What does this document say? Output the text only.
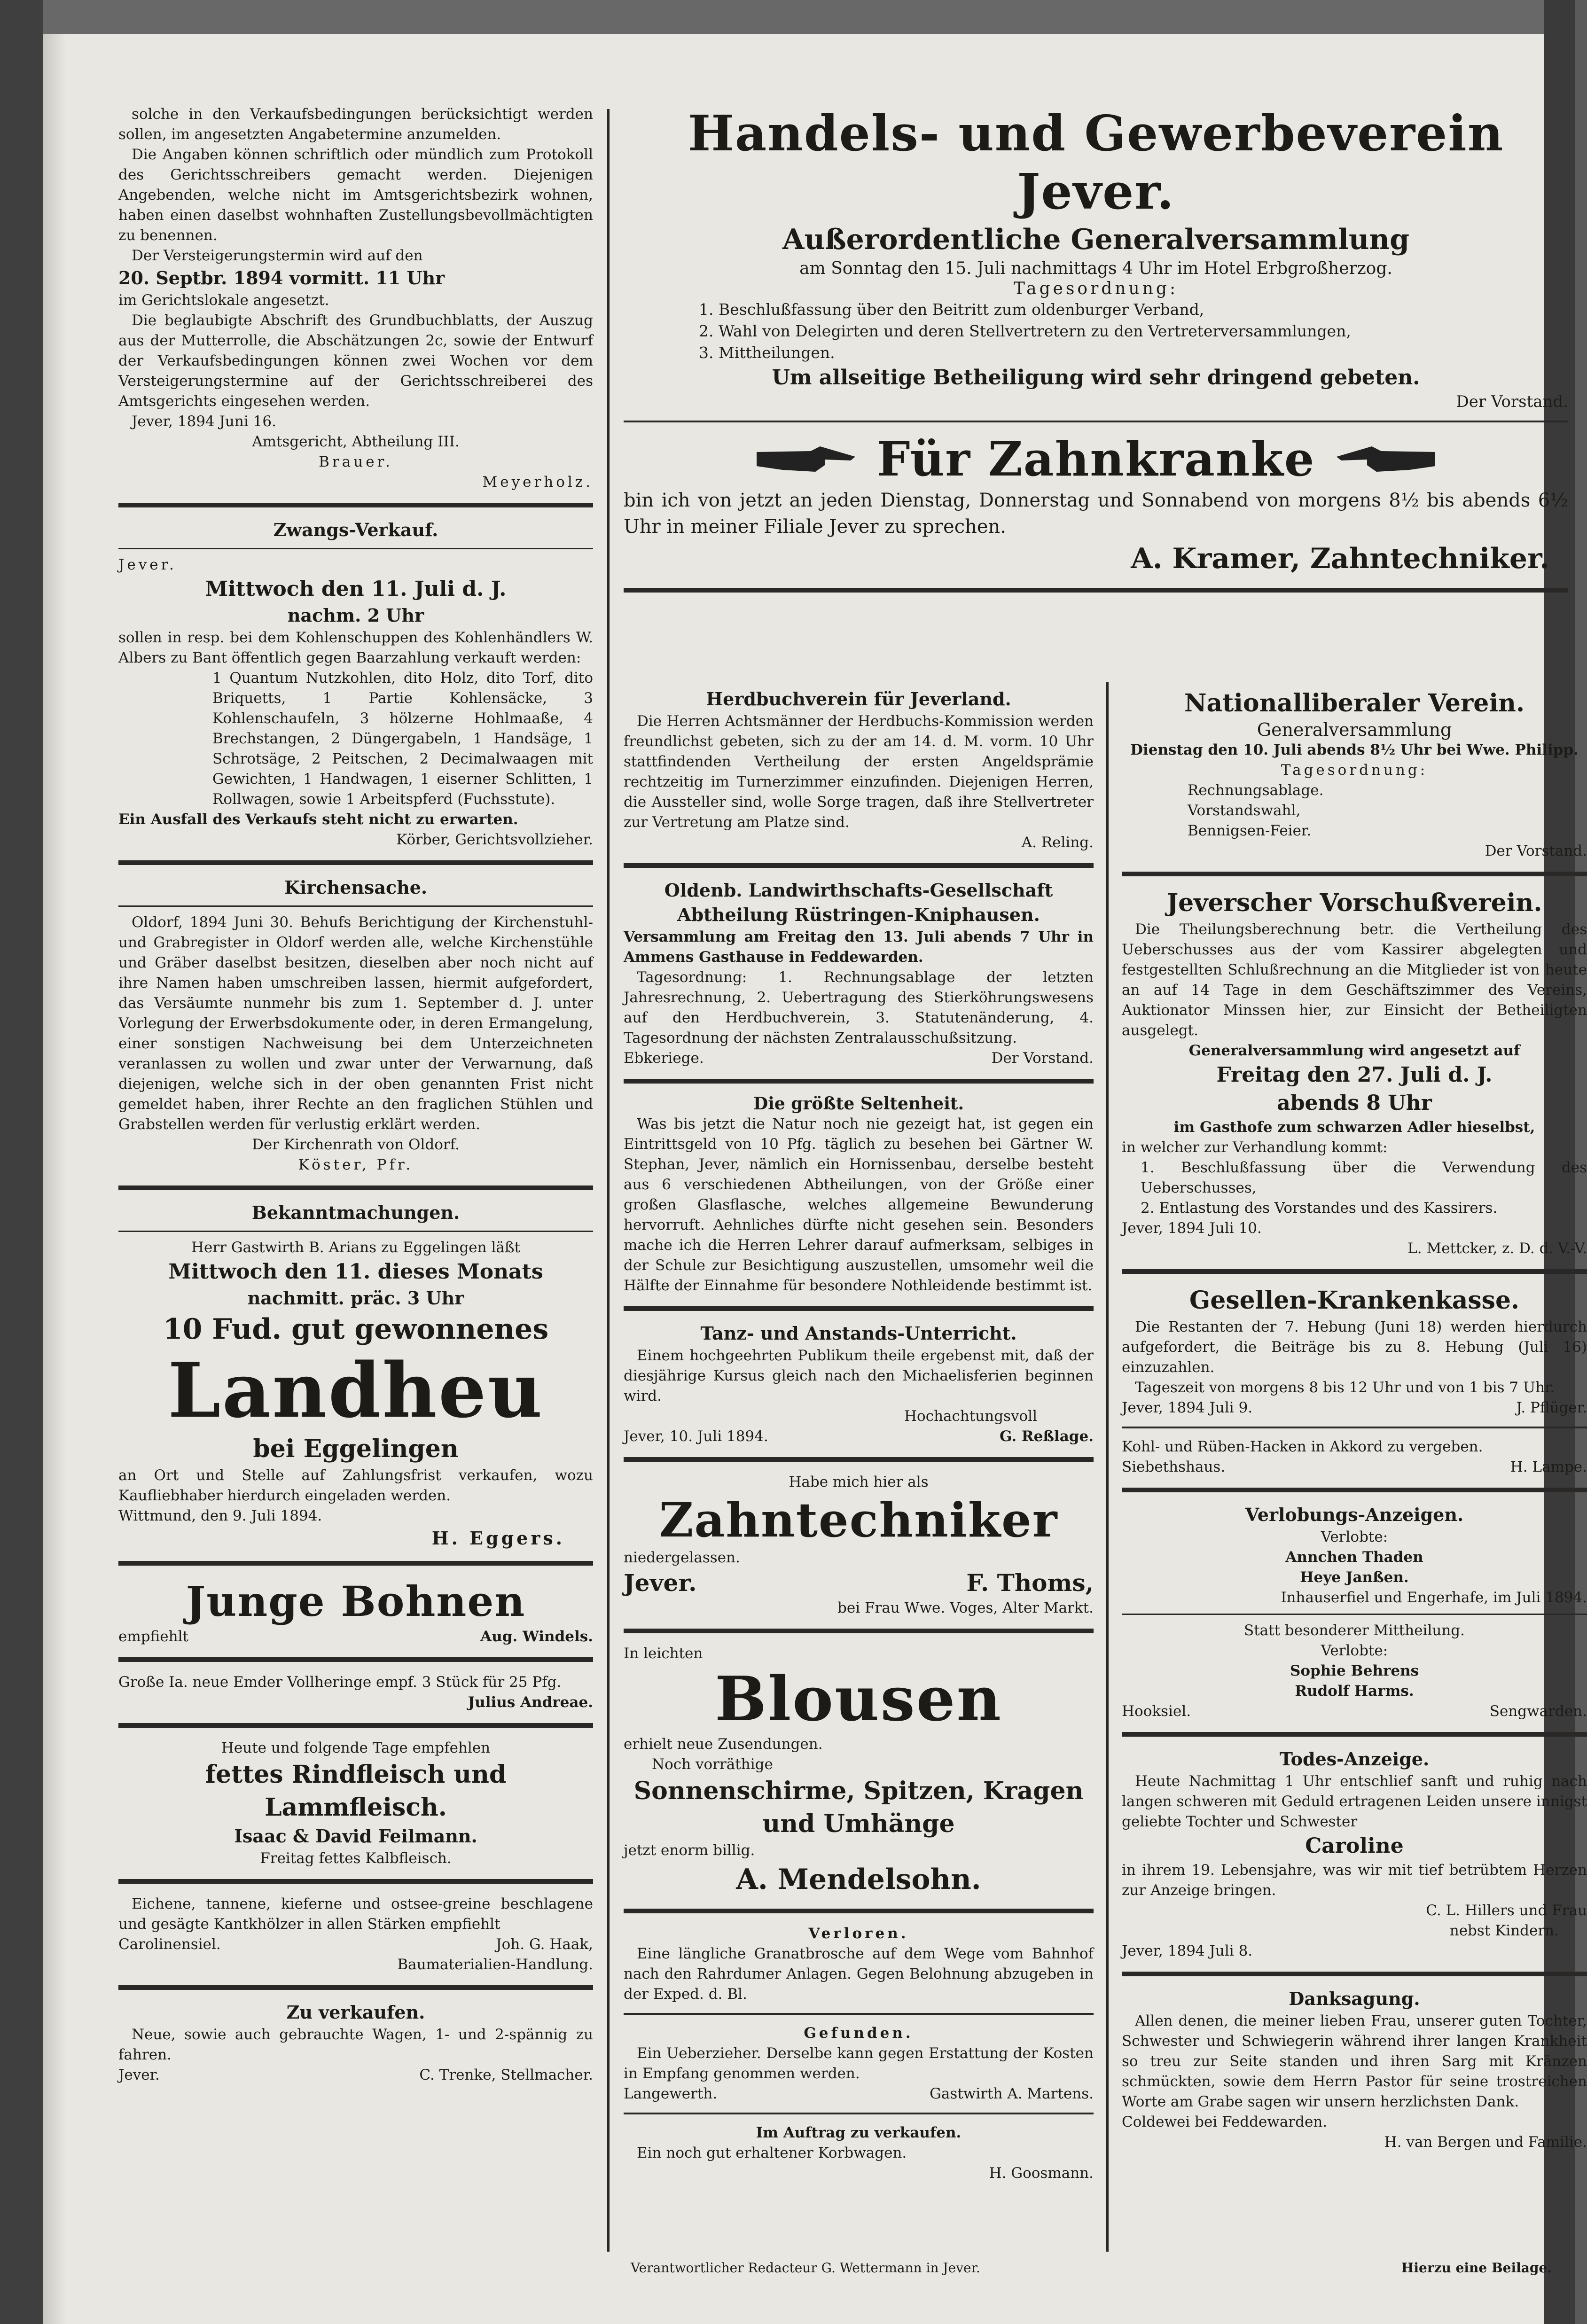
solche in den Verkaufsbedingungen berücksichtigt werden sollen, im angesetzten Angabetermine anzumelden.

Die Angaben können schriftlich oder mündlich zum Protokoll des Gerichtsschreibers gemacht werden. Diejenigen Angebenden, welche nicht im Amtsgerichtsbezirk wohnen, haben einen daselbst wohnhaften Zustellungsbevollmächtigten zu benennen.

Der Versteigerungstermin wird auf den

20. Septbr. 1894 vormitt. 11 Uhr

im Gerichtslokale angesetzt.

Die beglaubigte Abschrift des Grundbuchblatts, der Auszug aus der Mutterrolle, die Abschätzungen 2c, sowie der Entwurf der Verkaufsbedingungen können zwei Wochen vor dem Versteigerungstermine auf der Gerichtsschreiberei des Amtsgerichts eingesehen werden.

Jever, 1894 Juni 16.

Amtsgericht, Abtheilung III.

Brauer.

Meyerholz.

Zwangs-Verkauf.

Jever.

Mittwoch den 11. Juli d. J.

nachm. 2 Uhr

sollen in resp. bei dem Kohlenschuppen des Kohlenhändlers W. Albers zu Bant öffentlich gegen Baarzahlung verkauft werden:

1 Quantum Nutzkohlen, dito Holz, dito Torf, dito Briquetts, 1 Partie Kohlensäcke, 3 Kohlenschaufeln, 3 hölzerne Hohlmaaße, 4 Brechstangen, 2 Düngergabeln, 1 Handsäge, 1 Schrotsäge, 2 Peitschen, 2 Decimalwaagen mit Gewichten, 1 Handwagen, 1 eiserner Schlitten, 1 Rollwagen, sowie 1 Arbeitspferd (Fuchsstute).

Ein Ausfall des Verkaufs steht nicht zu erwarten.

Körber, Gerichtsvollzieher.

Kirchensache.

Oldorf, 1894 Juni 30. Behufs Berichtigung der Kirchenstuhl- und Grabregister in Oldorf werden alle, welche Kirchenstühle und Gräber daselbst besitzen, dieselben aber noch nicht auf ihre Namen haben umschreiben lassen, hiermit aufgefordert, das Versäumte nunmehr bis zum 1. September d. J. unter Vorlegung der Erwerbsdokumente oder, in deren Ermangelung, einer sonstigen Nachweisung bei dem Unterzeichneten veranlassen zu wollen und zwar unter der Verwarnung, daß diejenigen, welche sich in der oben genannten Frist nicht gemeldet haben, ihrer Rechte an den fraglichen Stühlen und Grabstellen werden für verlustig erklärt werden.

Der Kirchenrath von Oldorf.

Köster, Pfr.

Bekanntmachungen.

Herr Gastwirth B. Arians zu Eggelingen läßt

Mittwoch den 11. dieses Monats

nachmitt. präc. 3 Uhr

10 Fud. gut gewonnenes

Landheu

bei Eggelingen

an Ort und Stelle auf Zahlungsfrist verkaufen, wozu Kaufliebhaber hierdurch eingeladen werden.

Wittmund, den 9. Juli 1894.

H. Eggers.

Junge Bohnen

empfiehlt	Aug. Windels.

Große Ia. neue Emder Vollheringe empf. 3 Stück für 25 Pfg.

Julius Andreae.

Heute und folgende Tage empfehlen

fettes Rindfleisch und

Lammfleisch.

Isaac & David Feilmann.

Freitag fettes Kalbfleisch.

Eichene, tannene, kieferne und ostsee-greine beschlagene und gesägte Kantkhölzer in allen Stärken empfiehlt

Carolinensiel.	Joh. G. Haak,

Baumaterialien-Handlung.

Zu verkaufen.

Neue, sowie auch gebrauchte Wagen, 1- und 2-spännig zu fahren.

Jever.	C. Trenke, Stellmacher.

Handels- und Gewerbeverein Jever.

Außerordentliche Generalversammlung

am Sonntag den 15. Juli nachmittags 4 Uhr im Hotel Erbgroßherzog.

Tagesordnung:

1. Beschlußfassung über den Beitritt zum oldenburger Verband,

2. Wahl von Delegirten und deren Stellvertretern zu den Vertreterversammlungen,

3. Mittheilungen.

Um allseitige Betheiligung wird sehr dringend gebeten.

Der Vorstand.

Für Zahnkranke

bin ich von jetzt an jeden Dienstag, Donnerstag und Sonnabend von morgens 8½ bis abends 6½ Uhr in meiner Filiale Jever zu sprechen.

A. Kramer, Zahntechniker.

Herdbuchverein für Jeverland.

Die Herren Achtsmänner der Herdbuchs-Kommission werden freundlichst gebeten, sich zu der am 14. d. M. vorm. 10 Uhr stattfindenden Vertheilung der ersten Angeldsprämie rechtzeitig im Turnerzimmer einzufinden. Diejenigen Herren, die Aussteller sind, wolle Sorge tragen, daß ihre Stellvertreter zur Vertretung am Platze sind.

A. Reling.

Oldenb. Landwirthschafts-Gesellschaft

Abtheilung Rüstringen-Kniphausen.

Versammlung am Freitag den 13. Juli abends 7 Uhr in Ammens Gasthause in Feddewarden.

Tagesordnung: 1. Rechnungsablage der letzten Jahresrechnung, 2. Uebertragung des Stierköhrungswesens auf den Herdbuchverein, 3. Statutenänderung, 4. Tagesordnung der nächsten Zentralausschußsitzung.

Ebkeriege.	Der Vorstand.

Die größte Seltenheit.

Was bis jetzt die Natur noch nie gezeigt hat, ist gegen ein Eintrittsgeld von 10 Pfg. täglich zu besehen bei Gärtner W. Stephan, Jever, nämlich ein Hornissenbau, derselbe besteht aus 6 verschiedenen Abtheilungen, von der Größe einer großen Glasflasche, welches allgemeine Bewunderung hervorruft. Aehnliches dürfte nicht gesehen sein. Besonders mache ich die Herren Lehrer darauf aufmerksam, selbiges in der Schule zur Besichtigung auszustellen, umsomehr weil die Hälfte der Einnahme für besondere Nothleidende bestimmt ist.

Tanz- und Anstands-Unterricht.

Einem hochgeehrten Publikum theile ergebenst mit, daß der diesjährige Kursus gleich nach den Michaelisferien beginnen wird.

Hochachtungsvoll

Jever, 10. Juli 1894.	G. Reßlage.

Habe mich hier als

Zahntechniker

niedergelassen.

Jever.	F. Thoms,

bei Frau Wwe. Voges, Alter Markt.

In leichten

Blousen

erhielt neue Zusendungen.

Noch vorräthige

Sonnenschirme, Spitzen, Kragen und Umhänge

jetzt enorm billig.

A. Mendelsohn.

Verloren.

Eine längliche Granatbrosche auf dem Wege vom Bahnhof nach den Rahrdumer Anlagen. Gegen Belohnung abzugeben in der Exped. d. Bl.

Gefunden.

Ein Ueberzieher. Derselbe kann gegen Erstattung der Kosten in Empfang genommen werden.

Langewerth.	Gastwirth A. Martens.

Im Auftrag zu verkaufen.

Ein noch gut erhaltener Korbwagen.

H. Goosmann.

Nationalliberaler Verein.

Generalversammlung

Dienstag den 10. Juli abends 8½ Uhr bei Wwe. Philipp.

Tagesordnung:

Rechnungsablage.

Vorstandswahl,

Bennigsen-Feier.

Der Vorstand.

Jeverscher Vorschußverein.

Die Theilungsberechnung betr. die Vertheilung des Ueberschusses aus der vom Kassirer abgelegten und festgestellten Schlußrechnung an die Mitglieder ist von heute an auf 14 Tage in dem Geschäftszimmer des Vereins, Auktionator Minssen hier, zur Einsicht der Betheiligten ausgelegt.

Generalversammlung wird angesetzt auf

Freitag den 27. Juli d. J.

abends 8 Uhr

im Gasthofe zum schwarzen Adler hieselbst,

in welcher zur Verhandlung kommt:

1. Beschlußfassung über die Verwendung des Ueberschusses,

2. Entlastung des Vorstandes und des Kassirers.

Jever, 1894 Juli 10.

L. Mettcker, z. D. d. V.-V.

Gesellen-Krankenkasse.

Die Restanten der 7. Hebung (Juni 18) werden hierdurch aufgefordert, die Beiträge bis zu 8. Hebung (Juli 16) einzuzahlen.

Tageszeit von morgens 8 bis 12 Uhr und von 1 bis 7 Uhr.

Jever, 1894 Juli 9.	J. Pflüger.

Kohl- und Rüben-Hacken in Akkord zu vergeben.

Siebethshaus.	H. Lampe.

Verlobungs-Anzeigen.

Verlobte:

Annchen Thaden

Heye Janßen.

Inhauserfiel und Engerhafe, im Juli 1894.

Statt besonderer Mittheilung.

Verlobte:

Sophie Behrens

Rudolf Harms.

Hooksiel.	Sengwarden.

Todes-Anzeige.

Heute Nachmittag 1 Uhr entschlief sanft und ruhig nach langen schweren mit Geduld ertragenen Leiden unsere innigst geliebte Tochter und Schwester

Caroline

in ihrem 19. Lebensjahre, was wir mit tief betrübtem Herzen zur Anzeige bringen.

C. L. Hillers und Frau

nebst Kindern.

Jever, 1894 Juli 8.

Danksagung.

Allen denen, die meiner lieben Frau, unserer guten Tochter, Schwester und Schwiegerin während ihrer langen Krankheit so treu zur Seite standen und ihren Sarg mit Kränzen schmückten, sowie dem Herrn Pastor für seine trostreichen Worte am Grabe sagen wir unsern herzlichsten Dank.

Coldewei bei Feddewarden.

H. van Bergen und Familie.

Verantwortlicher Redacteur G. Wettermann in Jever.	Hierzu eine Beilage.
